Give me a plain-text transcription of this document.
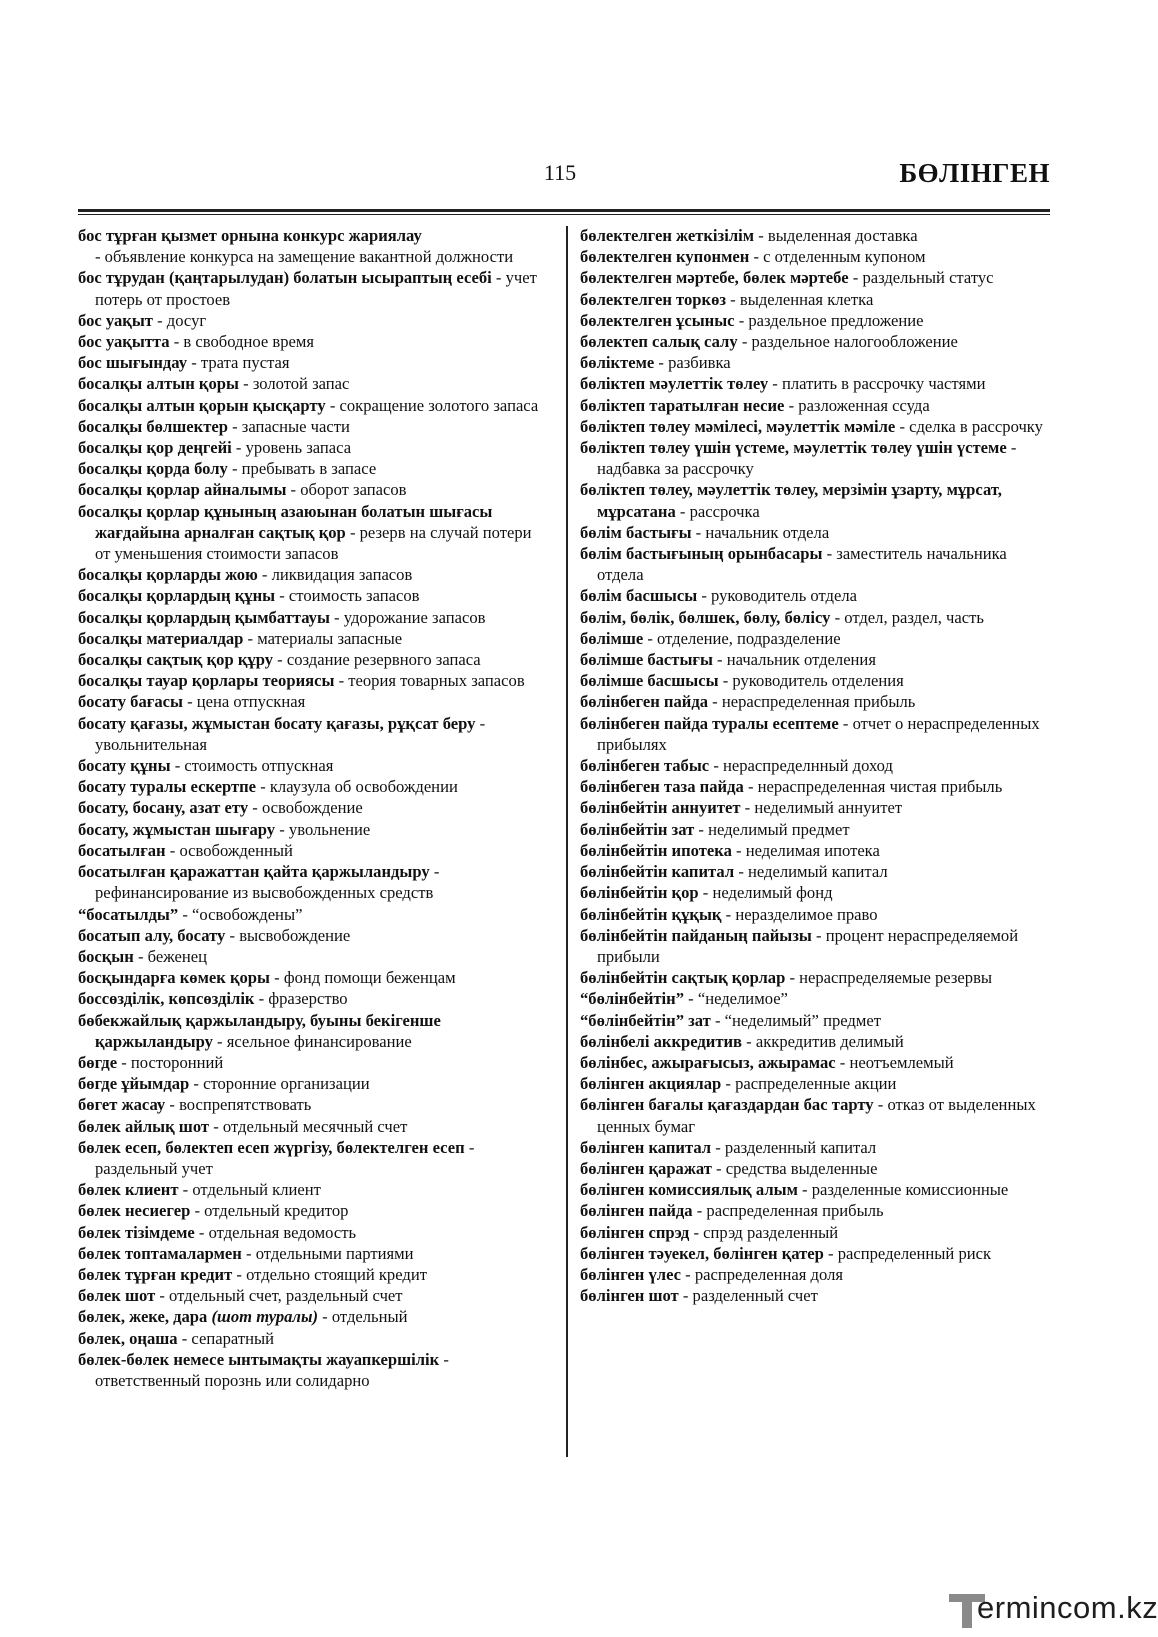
115	БӨЛІНГЕН
бос тұрған қызмет орнына конкурс жариялау
- объявление конкурса на замещение вакантной должности
бос тұрудан (қаңтарылудан) болатын ысыраптың есебі - учет потерь от простоев
бос уақыт - досуг
бос уақытта - в свободное время
бос шығындау - трата пустая
босалқы алтын қоры - золотой запас
босалқы алтын қорын қысқарту - сокращение золотого запаса
босалқы бөлшектер - запасные части
босалқы қор деңгейі - уровень запаса
босалқы қорда болу - пребывать в запасе
босалқы қорлар айналымы - оборот запасов
босалқы қорлар құнының азаюынан болатын шығасы жағдайына арналған сақтық қор - резерв на случай потери от уменьшения стоимости запасов
босалқы қорларды жою - ликвидация запасов
босалқы қорлардың құны - стоимость запасов
босалқы қорлардың қымбаттауы - удорожание запасов
босалқы материалдар - материалы запасные
босалқы сақтық қор құру - создание резервного запаса
босалқы тауар қорлары теориясы - теория товарных запасов
босату бағасы - цена отпускная
босату қағазы, жұмыстан босату қағазы, рұқсат беру - увольнительная
босату құны - стоимость отпускная
босату туралы ескертпе - клаузула об освобождении
босату, босану, азат ету - освобождение
босату, жұмыстан шығару - увольнение
босатылған - освобожденный
босатылған қаражаттан қайта қаржыландыру - рефинансирование из высвобожденныx средств
“босатылды” - “освобождены”
босатып алу, босату - высвобождение
босқын - беженец
босқындарға көмек қоры - фонд помощи беженцам
боссөзділік, көпсөзділік - фразерство
бөбекжайлық қаржыландыру, буыны бекігенше қаржыландыру - ясельное финансирование
бөгде - посторонний
бөгде ұйымдар - сторонние организации
бөгет жасау - воспрепятствовать
бөлек айлық шот - отдельный месячный счет
бөлек есеп, бөлектеп есеп жүргізу, бөлектелген есеп - раздельный учет
бөлек клиент - отдельный клиент
бөлек несиегер - отдельный кредитор
бөлек тізімдеме - отдельная ведомость
бөлек топтамалармен - отдельными партиями
бөлек тұрған кредит - отдельно стоящий кредит
бөлек шот - отдельный счет, раздельный счет
бөлек, жеке, дара (шот туралы) - отдельный
бөлек, оңаша - сепаратный
бөлек-бөлек немесе ынтымақты жауапкершілік - ответственный порознь или солидарно
бөлектелген жеткізілім - выделенная доставка
бөлектелген купонмен - с отделенным купоном
бөлектелген мәртебе, бөлек мәртебе - раздельный статус
бөлектелген торкөз - выделенная клетка
бөлектелген ұсыныс - раздельное предложение
бөлектеп салық салу - раздельное налогообложение
бөліктеме - разбивка
бөліктеп мәулеттік төлеу - платить в рассрочку частями
бөліктеп таратылған несие - разложенная ссуда
бөліктеп төлеу мәмілесі, мәулеттік мәміле - сделка в рассрочку
бөліктеп төлеу үшін үстеме, мәулеттік төлеу үшін үстеме - надбавка за рассрочку
бөліктеп төлеу, мәулеттік төлеу, мерзімін ұзарту, мұрсат, мұрсатана - рассрочка
бөлім бастығы - начальник отдела
бөлім бастығының орынбасары - заместитель начальника отдела
бөлім басшысы - руководитель отдела
бөлім, бөлік, бөлшек, бөлу, бөлісу - отдел, раздел, часть
бөлімше - отделение, подразделение
бөлімше бастығы - начальник отделения
бөлімше басшысы - руководитель отделения
бөлінбеген пайда - нераспределенная прибыль
бөлінбеген пайда туралы есептеме - отчет о нераспределенных прибылях
бөлінбеген табыс - нераспределнный доход
бөлінбеген таза пайда - нераспределенная чистая прибыль
бөлінбейтін аннуитет - неделимый аннуитет
бөлінбейтін зат - неделимый предмет
бөлінбейтін ипотека - неделимая ипотека
бөлінбейтін капитал - неделимый капитал
бөлінбейтін қор - неделимый фонд
бөлінбейтін құқық - неразделимое право
бөлінбейтін пайданың пайызы - процент нераспределяемой прибыли
бөлінбейтін сақтық қорлар - нераспределяемые резервы
“бөлінбейтін” - “неделимое”
“бөлінбейтін” зат - “неделимый” предмет
бөлінбелі аккредитив - аккредитив делимый
бөлінбес, ажырағысыз, ажырамас - неотъемлемый
бөлінген акциялар - распределенные акции
бөлінген бағалы қағаздардан бас тарту - отказ от выделенных ценных бумаг
бөлінген капитал - разделенный капитал
бөлінген қаражат - средства выделенные
бөлінген комиссиялық алым - разделенные комиссионные
бөлінген пайда - распределенная прибыль
бөлінген спрэд - спрэд разделенный
бөлінген тәуекел, бөлінген қатер - распределенный риск
бөлінген үлес - распределенная доля
бөлінген шот - разделенный счет
ermincom.kz
